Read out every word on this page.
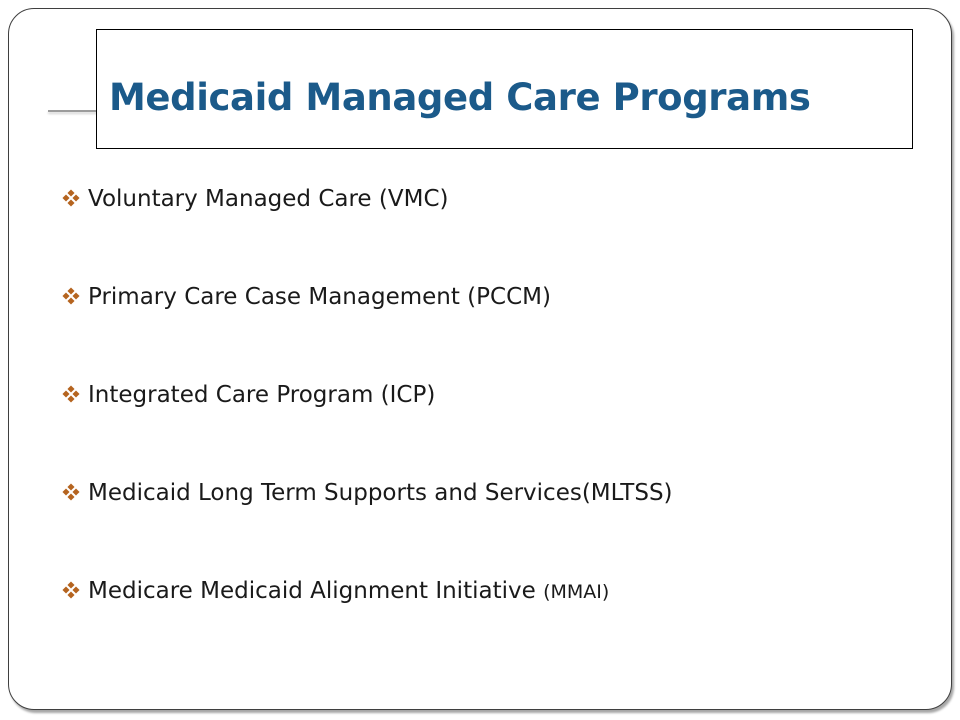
Medicaid Managed Care Programs
Voluntary Managed Care (VMC)
Primary Care Case Management (PCCM)
Integrated Care Program (ICP)
Medicaid Long Term Supports and Services(MLTSS)
Medicare Medicaid Alignment Initiative (MMAI)
